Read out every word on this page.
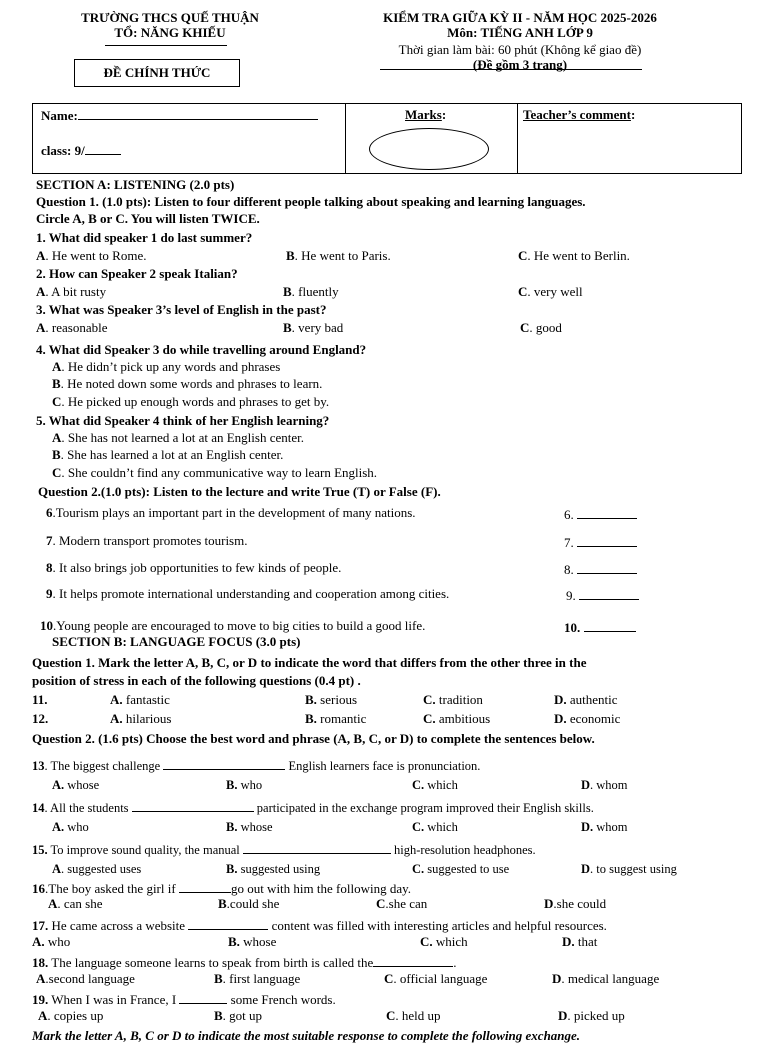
TRƯỜNG THCS QUẾ THUẬN
TỔ: NĂNG KHIẾU
ĐỀ CHÍNH THỨC
KIỂM TRA GIỮA KỲ II - NĂM HỌC 2025-2026
Môn: TIẾNG ANH LỚP 9
Thời gian làm bài: 60 phút (Không kể giao đề)
(Đề gồm 3 trang)
Name:
class: 9/
Marks:	Teacher’s comment:
SECTION A: LISTENING (2.0 pts)
Question 1. (1.0 pts): Listen to four different people talking about speaking and learning languages.
Circle A, B or C. You will listen TWICE.
1. What did speaker 1 do last summer?
A. He went to Rome.	B. He went to Paris.	C. He went to Berlin.
2. How can Speaker 2 speak Italian?
A. A bit rusty	B. fluently	C. very well
3. What was Speaker 3’s level of English in the past?
A. reasonable	B. very bad	C. good
4. What did Speaker 3 do while travelling around England?
A. He didn’t pick up any words and phrases
B. He noted down some words and phrases to learn.
C. He picked up enough words and phrases to get by.
5. What did Speaker 4 think of her English learning?
A. She has not learned a lot at an English center.
B. She has learned a lot at an English center.
C. She couldn’t find any communicative way to learn English.
Question 2.(1.0 pts): Listen to the lecture and write True (T) or False (F).
6.Tourism plays an important part in the development of many nations.	6.
7. Modern transport promotes tourism.	7.
8. It also brings job opportunities to few kinds of people.	8.
9. It helps promote international understanding and cooperation among cities.	9.
10.Young people are encouraged to move to big cities to build a good life.	10.
SECTION B: LANGUAGE FOCUS (3.0 pts)
Question 1. Mark the letter A, B, C, or D to indicate the word that differs from the other three in the
position of stress in each of the following questions (0.4 pt) .
11.	A. fantastic	B. serious	C. tradition	D. authentic
12.	A. hilarious	B. romantic	C. ambitious	D. economic
Question 2. (1.6 pts) Choose the best word and phrase (A, B, C, or D) to complete the sentences below.
13. The biggest challenge	English learners face is pronunciation.
A. whose	B. who	C. which	D. whom
14. All the students	participated in the exchange program improved their English skills.
A. who	B. whose	C. which	D. whom
15. To improve sound quality, the manual	high-resolution headphones.
A. suggested uses	B. suggested using	C. suggested to use	D. to suggest using
16.The boy asked the girl if	go out with him the following day.
A. can she	B.could she	C.she can	D.she could
17. He came across a website	content was filled with interesting articles and helpful resources.
A. who	B. whose	C. which	D. that
18. The language someone learns to speak from birth is called the	.
A.second language	B. first language	C. official language	D. medical language
19. When I was in France, I	some French words.
A. copies up	B. got up	C. held up	D. picked up
Mark the letter A, B, C or D to indicate the most suitable response to complete the following exchange.
